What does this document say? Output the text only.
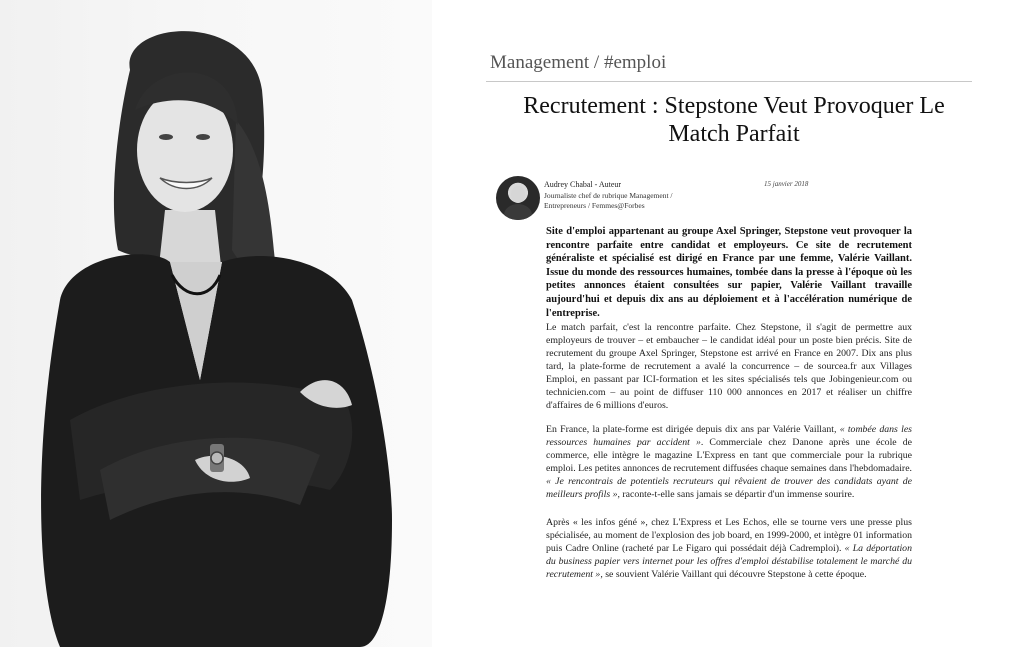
Management / #emploi
Recrutement : Stepstone Veut Provoquer Le Match Parfait
Audrey Chabal - Auteur
Journaliste chef de rubrique Management / Entrepreneurs / Femmes@Forbes
15 janvier 2018

Site d'emploi appartenant au groupe Axel Springer, Stepstone veut provoquer la rencontre parfaite entre candidat et employeurs. Ce site de recrutement généraliste et spécialisé est dirigé en France par une femme, Valérie Vaillant. Issue du monde des ressources humaines, tombée dans la presse à l'époque où les petites annonces étaient consultées sur papier, Valérie Vaillant travaille aujourd'hui et depuis dix ans au déploiement et à l'accélération numérique de l'entreprise.

Le match parfait, c'est la rencontre parfaite. Chez Stepstone, il s'agit de permettre aux employeurs de trouver – et embaucher – le candidat idéal pour un poste bien précis. Site de recrutement du groupe Axel Springer, Stepstone est arrivé en France en 2007. Dix ans plus tard, la plate-forme de recrutement a avalé la concurrence – de sourcea.fr aux Villages Emploi, en passant par ICI-formation et les sites spécialisés tels que Jobingenieur.com ou technicien.com – au point de diffuser 110 000 annonces en 2017 et réaliser un chiffre d'affaires de 6 millions d'euros.

En France, la plate-forme est dirigée depuis dix ans par Valérie Vaillant, « tombée dans les ressources humaines par accident ». Commerciale chez Danone après une école de commerce, elle intègre le magazine L'Express en tant que commerciale pour la rubrique emploi. Les petites annonces de recrutement diffusées chaque semaines dans l'hebdomadaire. « Je rencontrais de potentiels recruteurs qui rêvaient de trouver des candidats ayant de meilleurs profils », raconte-t-elle sans jamais se départir d'un immense sourire.

Après « les infos géné », chez L'Express et Les Echos, elle se tourne vers une presse plus spécialisée, au moment de l'explosion des job board, en 1999-2000, et intègre 01 information puis Cadre Online (racheté par Le Figaro qui possédait déjà Cadremploi). « La déportation du business papier vers internet pour les offres d'emploi déstabilise totalement le marché du recrutement », se souvient Valérie Vaillant qui découvre Stepstone à cette époque.
